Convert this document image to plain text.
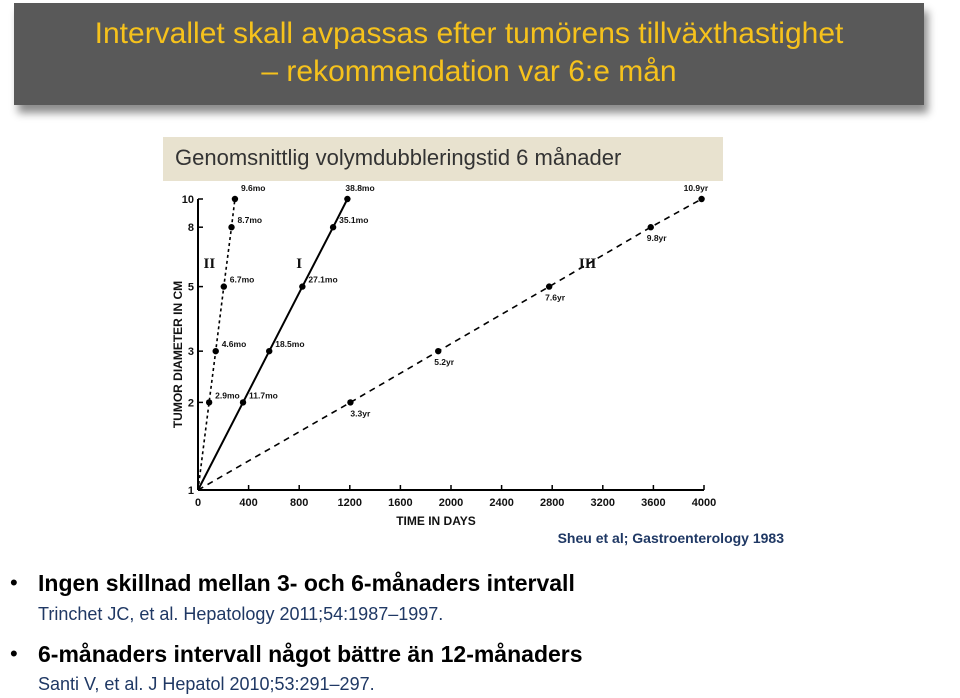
Intervallet skall avpassas efter tumörens tillväxthastighet
– rekommendation var 6:e mån
Genomsnittlig volymdubbleringstid 6 månader
0	400	800	1200 1600 2000 2400 2800 3200 3600 4000
1
2
3
5
8
10
TIME IN DAYS
TUMOR DIAMETER IN CM	2.9mo
4.6mo
6.7mo
8.7mo
9.6mo
II
11.7mo
18.5mo
27.1mo
35.1mo
38.8mo
I
3.3yr
5.2yr
7.6yr
9.8yr
10.9yr
III
Sheu et al; Gastroenterology 1983
• Ingen skillnad mellan 3- och 6-månaders intervall
Trinchet JC, et al. Hepatology 2011;54:1987–1997.
• 6-månaders intervall något bättre än 12-månaders
Santi V, et al. J Hepatol 2010;53:291–297.
